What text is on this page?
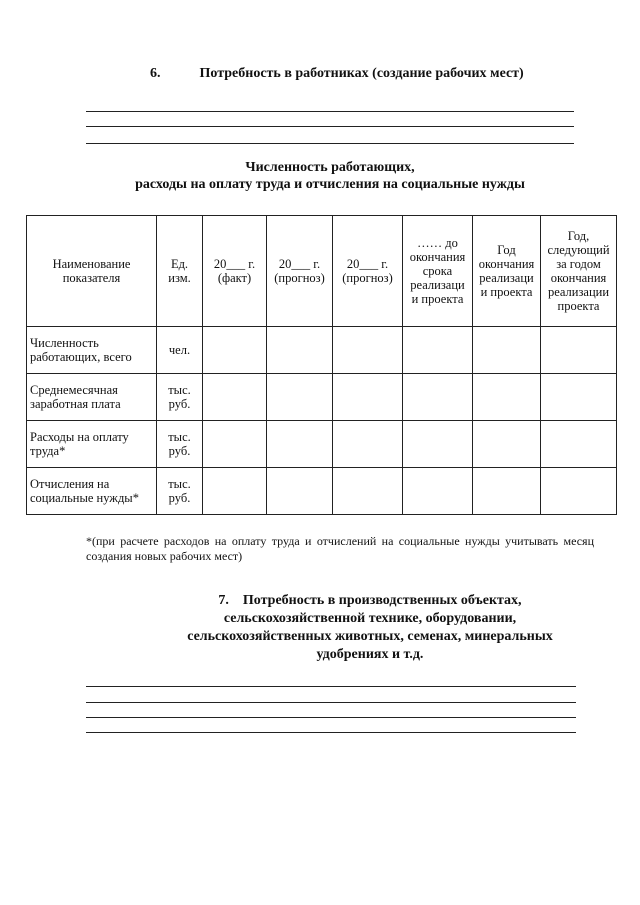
6.	Потребность в работниках (создание рабочих мест)
Численность работающих,
расходы на оплату труда и отчисления на социальные нужды
Наименование показателя	Ед. изм.	20___ г. (факт)	20___ г. (прогноз)	20___ г. (прогноз)	…… до окончания срока реализаци и проекта	Год окончания реализаци и проекта	Год, следующий за годом окончания реализации проекта
Численность работающих, всего	чел.						
Среднемесячная заработная плата	тыс. руб.						
Расходы на оплату труда*	тыс. руб.						
Отчисления на социальные нужды*	тыс. руб.						
*(при расчете расходов на оплату труда и отчислений на социальные нужды учитывать месяц создания новых рабочих мест)
7. Потребность в производственных объектах,
сельскохозяйственной технике, оборудовании,
сельскохозяйственных животных, семенах, минеральных
удобрениях и т.д.
